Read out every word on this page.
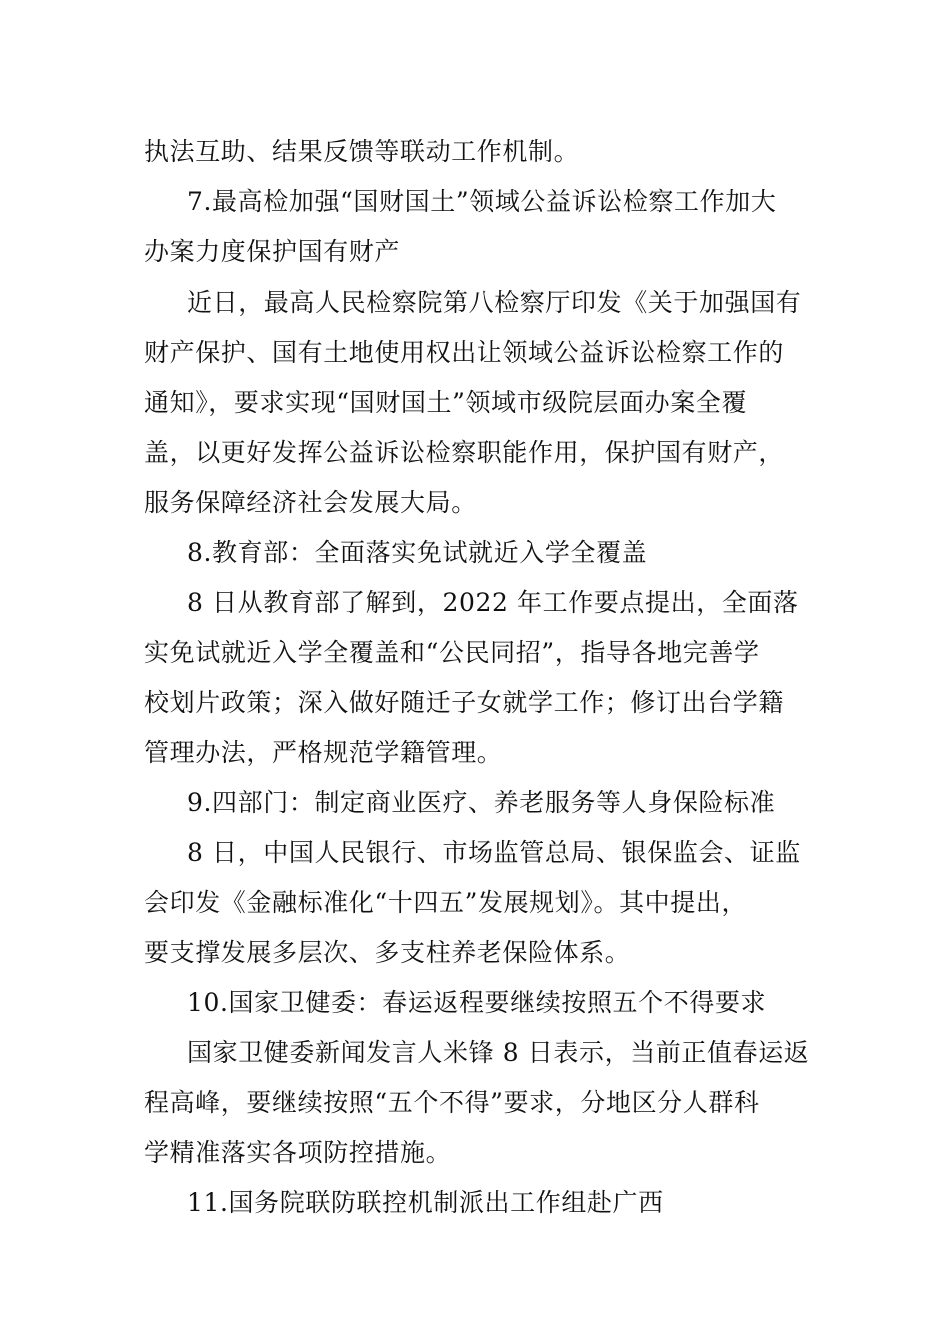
执法互助、结果反馈等联动工作机制。
7.最高检加强“国财国土”领域公益诉讼检察工作加大
办案力度保护国有财产
近日，最高人民检察院第八检察厅印发《关于加强国有
财产保护、国有土地使用权出让领域公益诉讼检察工作的
通知》，要求实现“国财国土”领域市级院层面办案全覆
盖，以更好发挥公益诉讼检察职能作用，保护国有财产，
服务保障经济社会发展大局。
8.教育部：全面落实免试就近入学全覆盖
8 日从教育部了解到，2022 年工作要点提出，全面落
实免试就近入学全覆盖和“公民同招”，指导各地完善学
校划片政策；深入做好随迁子女就学工作；修订出台学籍
管理办法，严格规范学籍管理。
9.四部门：制定商业医疗、养老服务等人身保险标准
8 日，中国人民银行、市场监管总局、银保监会、证监
会印发《金融标准化“十四五”发展规划》。其中提出，
要支撑发展多层次、多支柱养老保险体系。
10.国家卫健委：春运返程要继续按照五个不得要求
国家卫健委新闻发言人米锋 8 日表示，当前正值春运返
程高峰，要继续按照“五个不得”要求，分地区分人群科
学精准落实各项防控措施。
11.国务院联防联控机制派出工作组赴广西
